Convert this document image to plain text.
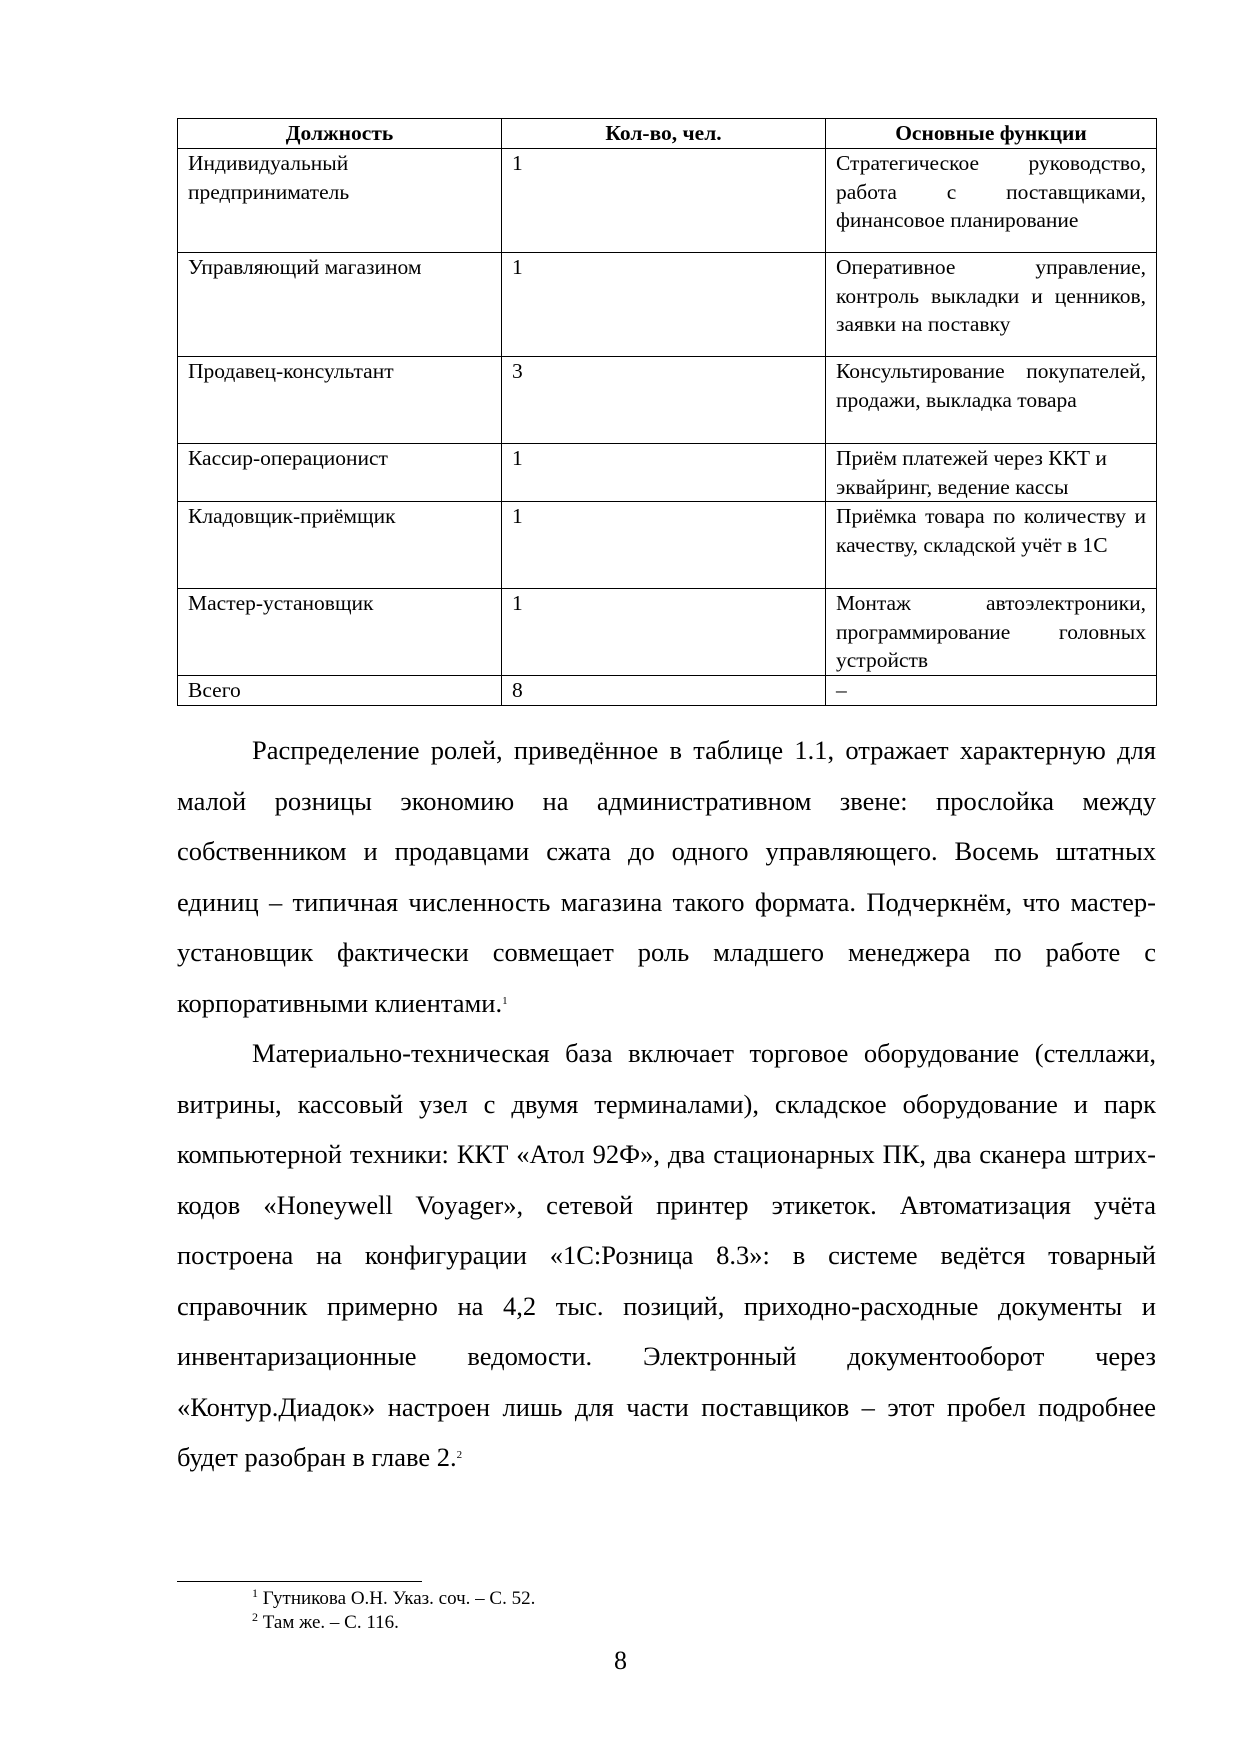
Должность	Кол-во, чел.	Основные функции
Индивидуальный предприниматель	1	Стратегическое руководство, работа с поставщиками, финансовое планирование
Управляющий магазином	1	Оперативное управление, контроль выкладки и ценников, заявки на поставку
Продавец-консультант	3	Консультирование покупателей, продажи, выкладка товара
Кассир-операционист	1	Приём платежей через ККТ и эквайринг, ведение кассы
Кладовщик-приёмщик	1	Приёмка товара по количеству и качеству, складской учёт в 1С
Мастер-установщик	1	Монтаж автоэлектроники, программирование головных устройств
Всего	8	–

Распределение ролей, приведённое в таблице 1.1, отражает характерную для малой розницы экономию на административном звене: прослойка между собственником и продавцами сжата до одного управляющего. Восемь штатных единиц – типичная численность магазина такого формата. Подчеркнём, что мастер-установщик фактически совмещает роль младшего менеджера по работе с корпоративными клиентами.$^1$

Материально-техническая база включает торговое оборудование (стеллажи, витрины, кассовый узел с двумя терминалами), складское оборудование и парк компьютерной техники: ККТ «Атол 92Ф», два стационарных ПК, два сканера штрих-кодов «Honeywell Voyager», сетевой принтер этикеток. Автоматизация учёта построена на конфигурации «1С:Розница 8.3»: в системе ведётся товарный справочник примерно на 4,2 тыс. позиций, приходно-расходные документы и инвентаризационные ведомости. Электронный документооборот через «Контур.Диадок» настроен лишь для части поставщиков – этот пробел подробнее будет разобран в главе 2.$^2$

$^1$ Гутникова О.Н. Указ. соч. – С. 52.
$^2$ Там же. – С. 116.
8
